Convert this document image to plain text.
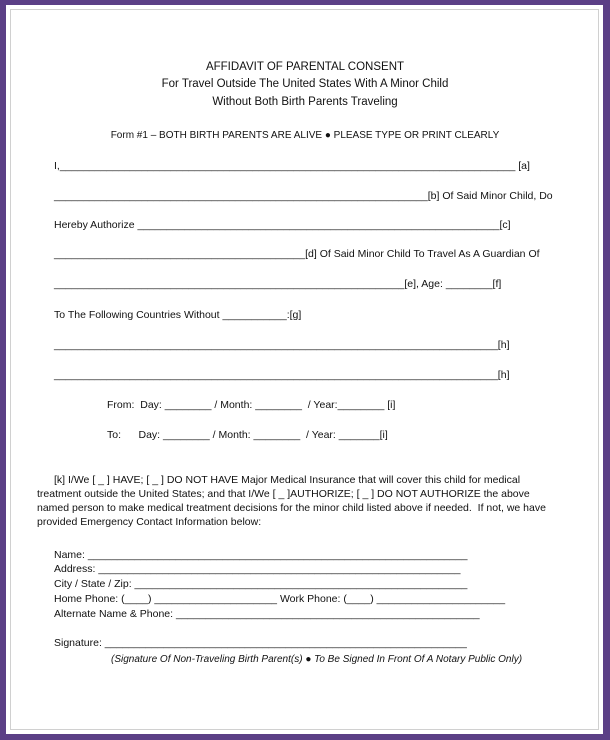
AFFIDAVIT OF PARENTAL CONSENT
For Travel Outside The United States With A Minor Child
Without Both Birth Parents Traveling
Form #1 – BOTH BIRTH PARENTS ARE ALIVE ● PLEASE TYPE OR PRINT CLEARLY
I,______________________________________________________________________________ [a]
________________________________________________________________[b] Of Said Minor Child, Do
Hereby Authorize ______________________________________________________________[c]
___________________________________________[d] Of Said Minor Child To Travel As A Guardian Of
____________________________________________________________[e], Age: ________[f]
To The Following Countries Without ___________:[g]
____________________________________________________________________________[h]
____________________________________________________________________________[h]
From:  Day: ________ / Month: ________  / Year:________ [i]
To:      Day: ________ / Month: ________  / Year: _______[i]
[k] I/We [ _ ] HAVE; [ _ ] DO NOT HAVE Major Medical Insurance that will cover this child for medical
treatment outside the United States; and that I/We [ _ ]AUTHORIZE; [ _ ] DO NOT AUTHORIZE the above
named person to make medical treatment decisions for the minor child listed above if needed.  If not, we have
provided Emergency Contact Information below:
Name: _________________________________________________________________
Address: ______________________________________________________________
City / State / Zip: _________________________________________________________
Home Phone: (____) _____________________ Work Phone: (____) ______________________
Alternate Name & Phone: ____________________________________________________
Signature: ______________________________________________________________
(Signature Of Non-Traveling Birth Parent(s) ● To Be Signed In Front Of A Notary Public Only)
